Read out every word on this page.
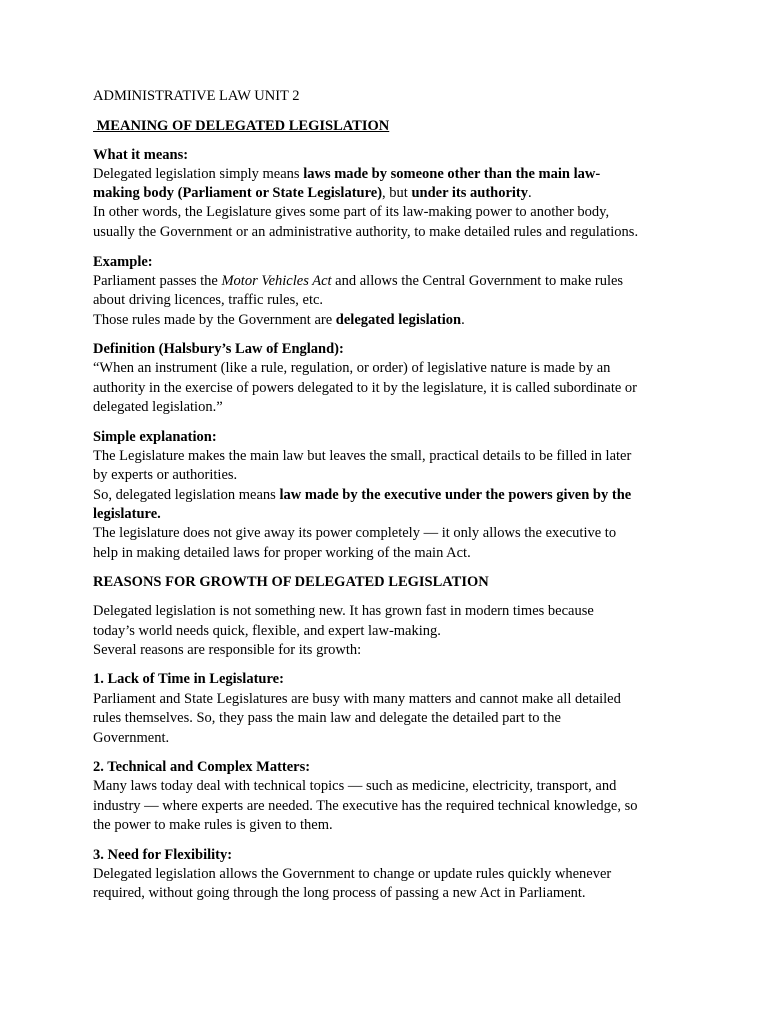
ADMINISTRATIVE LAW UNIT 2
MEANING OF DELEGATED LEGISLATION
What it means:
Delegated legislation simply means laws made by someone other than the main law-
making body (Parliament or State Legislature), but under its authority.
In other words, the Legislature gives some part of its law-making power to another body,
usually the Government or an administrative authority, to make detailed rules and regulations.
Example:
Parliament passes the Motor Vehicles Act and allows the Central Government to make rules
about driving licences, traffic rules, etc.
Those rules made by the Government are delegated legislation.
Definition (Halsbury’s Law of England):
“When an instrument (like a rule, regulation, or order) of legislative nature is made by an
authority in the exercise of powers delegated to it by the legislature, it is called subordinate or
delegated legislation.”
Simple explanation:
The Legislature makes the main law but leaves the small, practical details to be filled in later
by experts or authorities.
So, delegated legislation means law made by the executive under the powers given by the
legislature.
The legislature does not give away its power completely — it only allows the executive to
help in making detailed laws for proper working of the main Act.
REASONS FOR GROWTH OF DELEGATED LEGISLATION
Delegated legislation is not something new. It has grown fast in modern times because
today’s world needs quick, flexible, and expert law-making.
Several reasons are responsible for its growth:
1. Lack of Time in Legislature:
Parliament and State Legislatures are busy with many matters and cannot make all detailed
rules themselves. So, they pass the main law and delegate the detailed part to the
Government.
2. Technical and Complex Matters:
Many laws today deal with technical topics — such as medicine, electricity, transport, and
industry — where experts are needed. The executive has the required technical knowledge, so
the power to make rules is given to them.
3. Need for Flexibility:
Delegated legislation allows the Government to change or update rules quickly whenever
required, without going through the long process of passing a new Act in Parliament.
